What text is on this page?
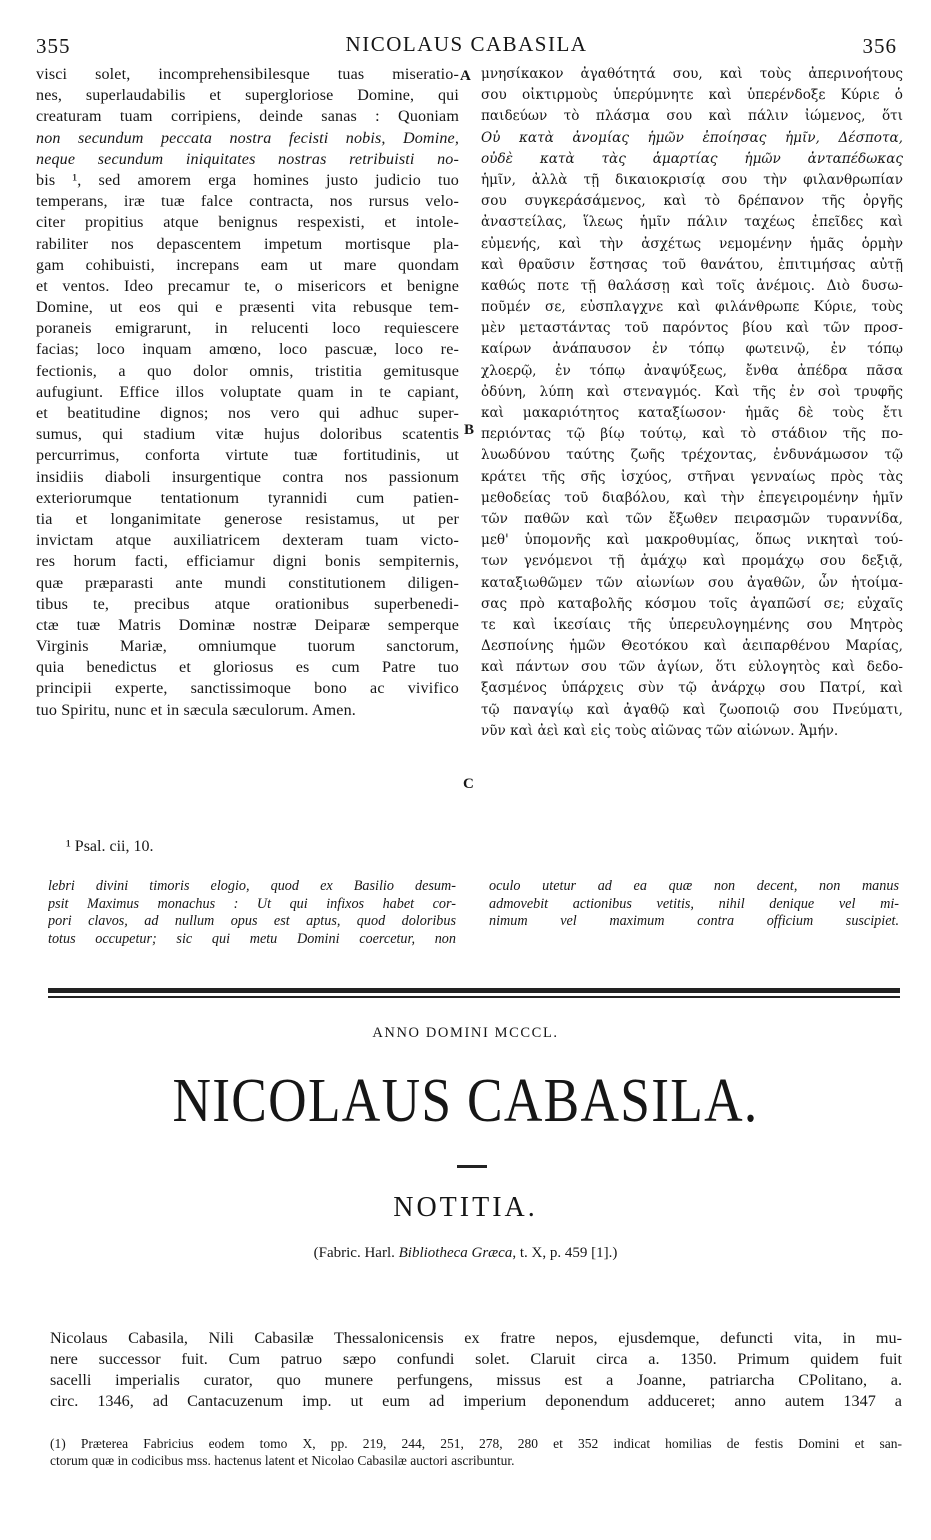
355	NICOLAUS CABASILA	356
visci solet, incomprehensibilesque tuas miseratio-
nes, superlaudabilis et supergloriose Domine, qui
creaturam tuam corripiens, deinde sanas : Quoniam
non secundum peccata nostra fecisti nobis, Domine,
neque secundum iniquitates nostras retribuisti no-
bis ¹, sed amorem erga homines justo judicio tuo
temperans, iræ tuæ falce contracta, nos rursus velo-
citer propitius atque benignus respexisti, et intole-
rabiliter nos depascentem impetum mortisque pla-
gam cohibuisti, increpans eam ut mare quondam
et ventos. Ideo precamur te, o misericors et benigne
Domine, ut eos qui e præsenti vita rebusque tem-
poraneis emigrarunt, in relucenti loco requiescere
facias; loco inquam amœno, loco pascuæ, loco re-
fectionis, a quo dolor omnis, tristitia gemitusque
aufugiunt. Effice illos voluptate quam in te capiant,
et beatitudine dignos; nos vero qui adhuc super-
sumus, qui stadium vitæ hujus doloribus scatentis
percurrimus, conforta virtute tuæ fortitudinis, ut
insidiis diaboli insurgentique contra nos passionum
exteriorumque tentationum tyrannidi cum patien-
tia et longanimitate generose resistamus, ut per
invictam atque auxiliatricem dexteram tuam victo-
res horum facti, efficiamur digni bonis sempiternis,
quæ præparasti ante mundi constitutionem diligen-
tibus te, precibus atque orationibus superbenedi-
ctæ tuæ Matris Dominæ nostræ Deiparæ semperque
Virginis Mariæ, omniumque tuorum sanctorum,
quia benedictus et gloriosus es cum Patre tuo
principii experte, sanctissimoque bono ac vivifico
tuo Spiritu, nunc et in sæcula sæculorum. Amen.
μνησίκακον ἀγαθότητά σου, καὶ τοὺς ἀπερινοήτους
σου οἰκτιρμοὺς ὑπερύμνητε καὶ ὑπερένδοξε Κύριε ὁ
παιδεύων τὸ πλάσμα σου καὶ πάλιν ἰώμενος, ὅτι
Οὐ κατὰ ἀνομίας ἡμῶν ἐποίησας ἡμῖν, Δέσποτα,
οὐδὲ κατὰ τὰς ἁμαρτίας ἡμῶν ἀνταπέδωκας
ἡμῖν, ἀλλὰ τῇ δικαιοκρισίᾳ σου τὴν φιλανθρωπίαν
σου συγκεράσάμενος, καὶ τὸ δρέπανον τῆς ὀργῆς
ἀναστείλας, ἵλεως ἡμῖν πάλιν ταχέως ἐπεῖδες καὶ
εὐμενής, καὶ τὴν ἀσχέτως νεμομένην ἡμᾶς ὁρμὴν
καὶ θραῦσιν ἔστησας τοῦ θανάτου, ἐπιτιμήσας αὐτῇ
καθώς ποτε τῇ θαλάσσῃ καὶ τοῖς ἀνέμοις. Διὸ δυσω-
ποῦμέν σε, εὐσπλαγχνε καὶ φιλάνθρωπε Κύριε, τοὺς
μὲν μεταστάντας τοῦ παρόντος βίου καὶ τῶν προσ-
καίρων ἀνάπαυσον ἐν τόπῳ φωτεινῷ, ἐν τόπῳ
χλοερῷ, ἐν τόπῳ ἀναψύξεως, ἔνθα ἀπέδρα πᾶσα
ὀδύνη, λύπη καὶ στεναγμός. Καὶ τῆς ἐν σοὶ τρυφῆς
καὶ μακαριότητος καταξίωσον· ἡμᾶς δὲ τοὺς ἔτι
περιόντας τῷ βίῳ τούτῳ, καὶ τὸ στάδιον τῆς πο-
λυωδύνου ταύτης ζωῆς τρέχοντας, ἐνδυνάμωσον τῷ
κράτει τῆς σῆς ἰσχύος, στῆναι γενναίως πρὸς τὰς
μεθοδείας τοῦ διαβόλου, καὶ τὴν ἐπεγειρομένην ἡμῖν
τῶν παθῶν καὶ τῶν ἔξωθεν πειρασμῶν τυραννίδα,
μεθ' ὑπομονῆς καὶ μακροθυμίας, ὅπως νικηταὶ τού-
των γενόμενοι τῇ ἀμάχῳ καὶ προμάχῳ σου δεξιᾷ,
καταξιωθῶμεν τῶν αἰωνίων σου ἀγαθῶν, ὧν ἡτοίμα-
σας πρὸ καταβολῆς κόσμου τοῖς ἀγαπῶσί σε; εὐχαῖς
τε καὶ ἱκεσίαις τῆς ὑπερευλογημένης σου Μητρὸς
Δεσποίνης ἡμῶν Θεοτόκου καὶ ἀειπαρθένου Μαρίας,
καὶ πάντων σου τῶν ἁγίων, ὅτι εὐλογητὸς καὶ δεδο-
ξασμένος ὑπάρχεις σὺν τῷ ἀνάρχῳ σου Πατρί, καὶ
τῷ παναγίῳ καὶ ἀγαθῷ καὶ ζωοποιῷ σου Πνεύματι,
νῦν καὶ ἀεὶ καὶ εἰς τοὺς αἰῶνας τῶν αἰώνων. Ἀμήν.
A
B
C
¹ Psal. cii, 10.
lebri divini timoris elogio, quod ex Basilio desum-
psit Maximus monachus : Ut qui infixos habet cor-
pori clavos, ad nullum opus est aptus, quod doloribus
totus occupetur; sic qui metu Domini coercetur, non
oculo utetur ad ea quæ non decent, non manus
admovebit actionibus vetitis, nihil denique vel mi-
nimum vel maximum contra officium suscipiet.
ANNO DOMINI MCCCL.
NICOLAUS CABASILA.
NOTITIA.
(Fabric. Harl. Bibliotheca Græca, t. X, p. 459 [1].)
Nicolaus Cabasila, Nili Cabasilæ Thessalonicensis ex fratre nepos, ejusdemque, defuncti vita, in mu-
nere successor fuit. Cum patruo sæpo confundi solet. Claruit circa a. 1350. Primum quidem fuit
sacelli imperialis curator, quo munere perfungens, missus est a Joanne, patriarcha CPolitano, a.
circ. 1346, ad Cantacuzenum imp. ut eum ad imperium deponendum adduceret; anno autem 1347 a
(1) Præterea Fabricius eodem tomo X, pp. 219, 244, 251, 278, 280 et 352 indicat homilias de festis Domini et san-
ctorum quæ in codicibus mss. hactenus latent et Nicolao Cabasilæ auctori ascribuntur.
